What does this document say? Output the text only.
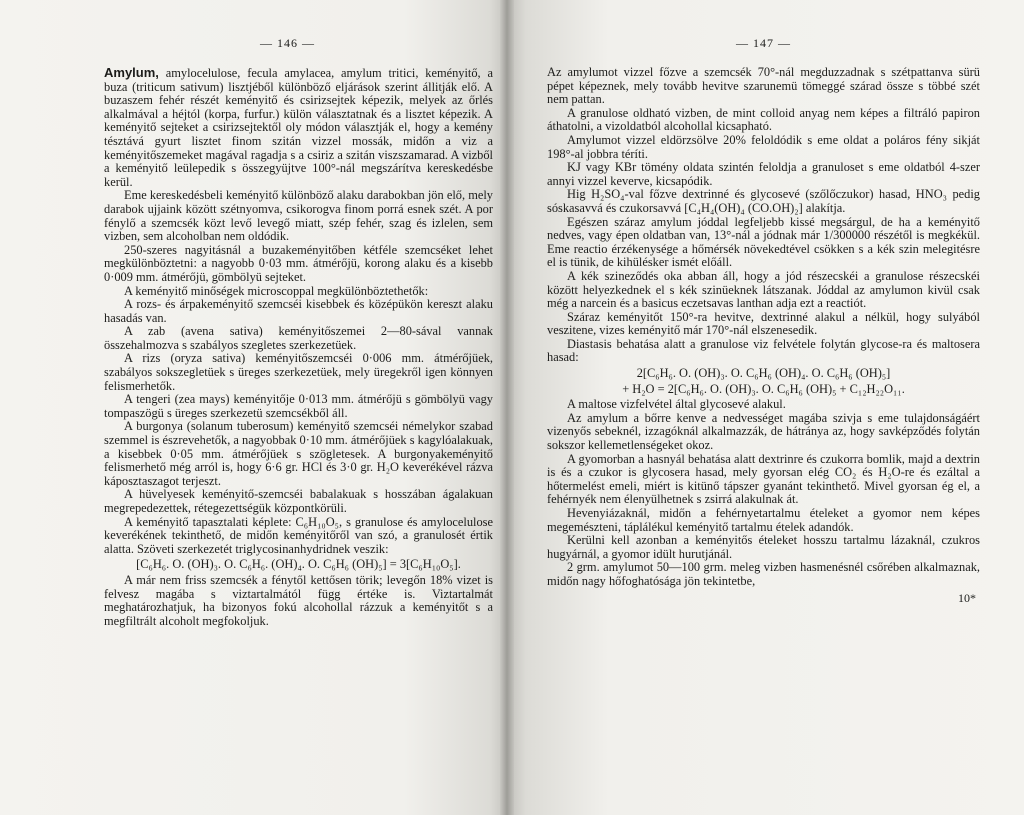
— 146 —

Amylum, amylocelulose, fecula amylacea, amylum tritici, keményitő, a buza (triticum sativum) lisztjéből különböző eljárások szerint állitják elő. A buzaszem fehér részét keményitő és csirizsejtek képezik, melyek az őrlés alkalmával a héjtól (korpa, furfur.) külön választatnak és a lisztet képezik. A keményitő sejteket a csirizsejtektől oly módon választják el, hogy a kemény tésztává gyurt lisztet finom szitán vizzel mossák, midőn a viz a keményitőszemeket magával ragadja s a csiriz a szitán viszszamarad. A vizből a keményitő leülepedik s összegyüjtve 100°-nál megszárítva kereskedésbe kerül.

Eme kereskedésbeli keményitő különböző alaku darabokban jön elő, mely darabok ujjaink között szétnyomva, csikorogva finom porrá esnek szét. A por fénylő a szemcsék közt levő levegő miatt, szép fehér, szag és izlelen, sem vizben, sem alcoholban nem oldódik.

250-szeres nagyitásnál a buzakeményitőben kétféle szemcséket lehet megkülönböztetni: a nagyobb 0·03 mm. átmérőjü, korong alaku és a kisebb 0·009 mm. átmérőjü, gömbölyü sejteket.

A keményitő minőségek microscoppal megkülönböztethetők:

A rozs- és árpakeményitő szemcséi kisebbek és középükön kereszt alaku hasadás van.

A zab (avena sativa) keményitőszemei 2—80-sával vannak összehalmozva s szabályos szegletes szerkezetüek.

A rizs (oryza sativa) keményitőszemcséi 0·006 mm. átmérőjüek, szabályos sokszegletüek s üreges szerkezetüek, mely üregekről igen könnyen felismerhetők.

A tengeri (zea mays) keményitője 0·013 mm. átmérőjü s gömbölyü vagy tompaszögü s üreges szerkezetü szemcsékből áll.

A burgonya (solanum tuberosum) keményitő szemcséi némelykor szabad szemmel is észrevehetők, a nagyobbak 0·10 mm. átmérőjüek s kagylóalakuak, a kisebbek 0·05 mm. átmérőjüek s szögletesek. A burgonyakeményitő felismerhető még arról is, hogy 6·6 gr. HCl és 3·0 gr. H₂O keverékével rázva káposztaszagot terjeszt.

A hüvelyesek keményitő-szemcséi babalakuak s hosszában ágalakuan megrepedezettek, rétegezettségük központkörüli.

A keményitő tapasztalati képlete: C₆H₁₀O₅, s granulose és amylocelulose keverékének tekinthető, de midőn keményitőről van szó, a granulosét értik alatta. Szöveti szerkezetét triglycosinanhydridnek veszik:

[C₆H₆. O. (OH)₃. O. C₆H₆. (OH)₄. O. C₆H₆ (OH)₅] = 3[C₆H₁₀O₅].

A már nem friss szemcsék a fénytől kettősen törik; levegőn 18% vizet is felvesz magába s viztartalmától függ értéke is. Viztartalmát meghatározhatjuk, ha bizonyos fokú alcohollal rázzuk a keményitőt s a megfiltrált alcoholt megfokoljuk.

— 147 —

Az amylumot vizzel főzve a szemcsék 70°-nál megduzzadnak s szétpattanva sürü pépet képeznek, mely tovább hevitve szarunemü tömeggé szárad össze s többé szét nem pattan.

A granulose oldható vizben, de mint colloid anyag nem képes a filtráló papiron áthatolni, a vizoldatból alcohollal kicsapható.

Amylumot vizzel eldörzsölve 20% feloldódik s eme oldat a poláros fény sikját 198°-al jobbra téríti.

KJ vagy KBr tömény oldata szintén feloldja a granuloset s eme oldatból 4-szer annyi vizzel keverve, kicsapódik.

Hig H₂SO₄-val főzve dextrinné és glycosevé (szőlőczukor) hasad, HNO₃ pedig sóskasavvá és czukorsavvá [C₄H₄(OH)₄ (CO.OH)₂] alakítja.

Egészen száraz amylum jóddal legfeljebb kissé megsárgul, de ha a keményitő nedves, vagy épen oldatban van, 13°-nál a jódnak már 1/300000 részétől is megkékül. Eme reactio érzékenysége a hőmérsék növekedtével csökken s a kék szin melegitésre el is tünik, de kihülésker ismét előáll.

A kék szineződés oka abban áll, hogy a jód részecskéi a granulose részecskéi között helyezkednek el s kék szinüeknek látszanak. Jóddal az amylumon kivül csak még a narcein és a basicus eczetsavas lanthan adja ezt a reactiót.

Száraz keményitőt 150°-ra hevitve, dextrinné alakul a nélkül, hogy sulyából veszitene, vizes keményitő már 170°-nál elszenesedik.

Diastasis behatása alatt a granulose viz felvétele folytán glycose-ra és maltosera hasad:

2[C₆H₆. O. (OH)₃. O. C₆H₆ (OH)₄. O. C₆H₆ (OH)₅]

+ H₂O = 2[C₆H₆. O. (OH)₃. O. C₆H₆ (OH)₅ + C₁₂H₂₂O₁₁.

A maltose vizfelvétel által glycosevé alakul.

Az amylum a bőrre kenve a nedvességet magába szivja s eme tulajdonságáért vizenyős sebeknél, izzagóknál alkalmazzák, de hátránya az, hogy savképződés folytán sokszor kellemetlenségeket okoz.

A gyomorban a hasnyál behatása alatt dextrinre és czukorra bomlik, majd a dextrin is és a czukor is glycosera hasad, mely gyorsan elég CO₂ és H₂O-re és ezáltal a hőtermelést emeli, miért is kitünő tápszer gyanánt tekinthető. Mivel gyorsan ég el, a fehérnyék nem élenyülhetnek s zsirrá alakulnak át.

Hevenyiázaknál, midőn a fehérnyetartalmu ételeket a gyomor nem képes megemészteni, táplálékul keményitő tartalmu ételek adandók.

Kerülni kell azonban a keményitős ételeket hosszu tartalmu lázaknál, czukros hugyárnál, a gyomor idült hurutjánál.

2 grm. amylumot 50—100 grm. meleg vizben hasmenésnél csőrében alkalmaznak, midőn nagy hőfoghatósága jön tekintetbe,

10*
